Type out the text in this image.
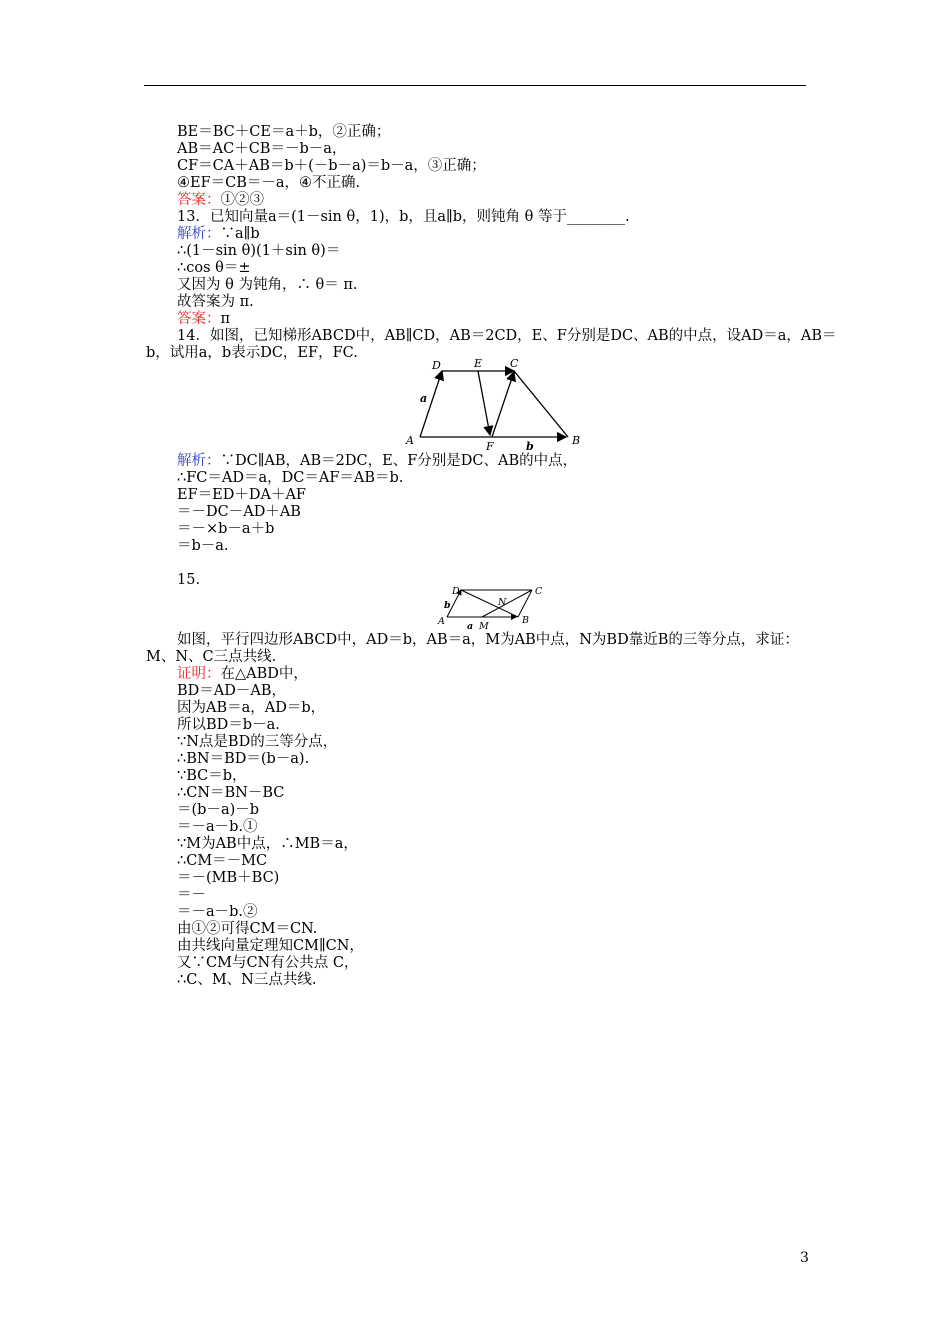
BE＝BC＋CE＝a＋b，②正确；
AB＝AC＋CB＝－b－a，
CF＝CA＋AB＝b＋(－b－a)＝b－a，③正确；
④EF＝CB＝－a，④不正确.
答案：①②③
13．已知向量a＝(1－sin θ，1)，b，且a∥b，则钝角 θ 等于________.
解析：∵a∥b
∴(1－sin θ)(1＋sin θ)＝
∴cos θ＝±
又因为 θ 为钝角，∴ θ＝ π.
故答案为 π.
答案：π
14．如图，已知梯形ABCD中，AB∥CD，AB＝2CD，E、F分别是DC、AB的中点，设AD＝a，AB＝
b，试用a，b表示DC，EF，FC.
A	B
C
D	E
F
a
b
解析：∵DC∥AB，AB＝2DC，E、F分别是DC、AB的中点，
∴FC＝AD＝a，DC＝AF＝AB＝b.
EF＝ED＋DA＋AF
＝－DC－AD＋AB
＝－×b－a＋b
＝b－a.
15.
A	B
C
D
N
M
a
b
如图，平行四边形ABCD中，AD＝b，AB＝a，M为AB中点，N为BD靠近B的三等分点，求证：
M、N、C三点共线.
证明：在△ABD中，
BD＝AD－AB，
因为AB＝a，AD＝b，
所以BD＝b－a.
∵N点是BD的三等分点，
∴BN＝BD＝(b－a).
∵BC＝b，
∴CN＝BN－BC
＝(b－a)－b
＝－a－b.①
∵M为AB中点，∴MB＝a，
∴CM＝－MC
＝－(MB＋BC)
＝－
＝－a－b.②
由①②可得CM＝CN.
由共线向量定理知CM∥CN，
又∵CM与CN有公共点 C，
∴C、M、N三点共线.
3
